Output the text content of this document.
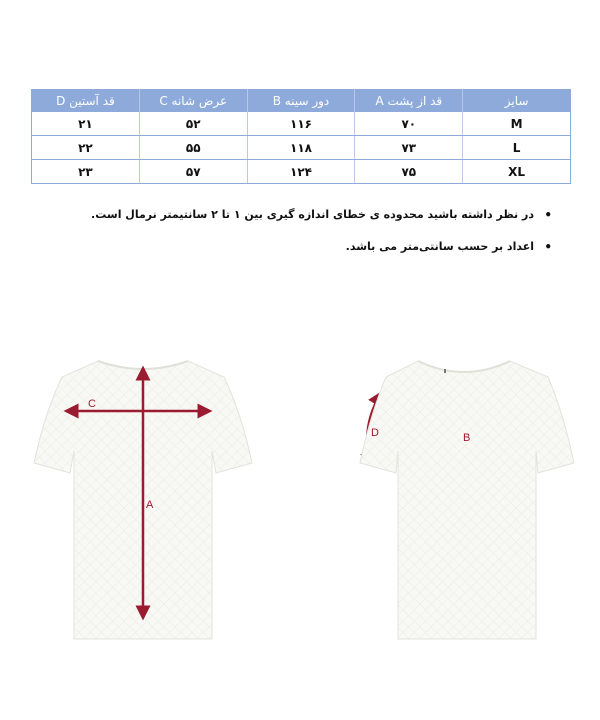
سایز	قد از پشت A	دور سینه B	عرض شانه C	قد آستین D
M	۷۰	۱۱۶	۵۲	۲۱
L	۷۳	۱۱۸	۵۵	۲۲
XL	۷۵	۱۲۴	۵۷	۲۳
• در نظر داشته باشید محدوده ی خطای اندازه گیری بین ۱ تا ۲ سانتیمتر نرمال است.
• اعداد بر حسب سانتی‌متر می باشد.
C
A
B
D
